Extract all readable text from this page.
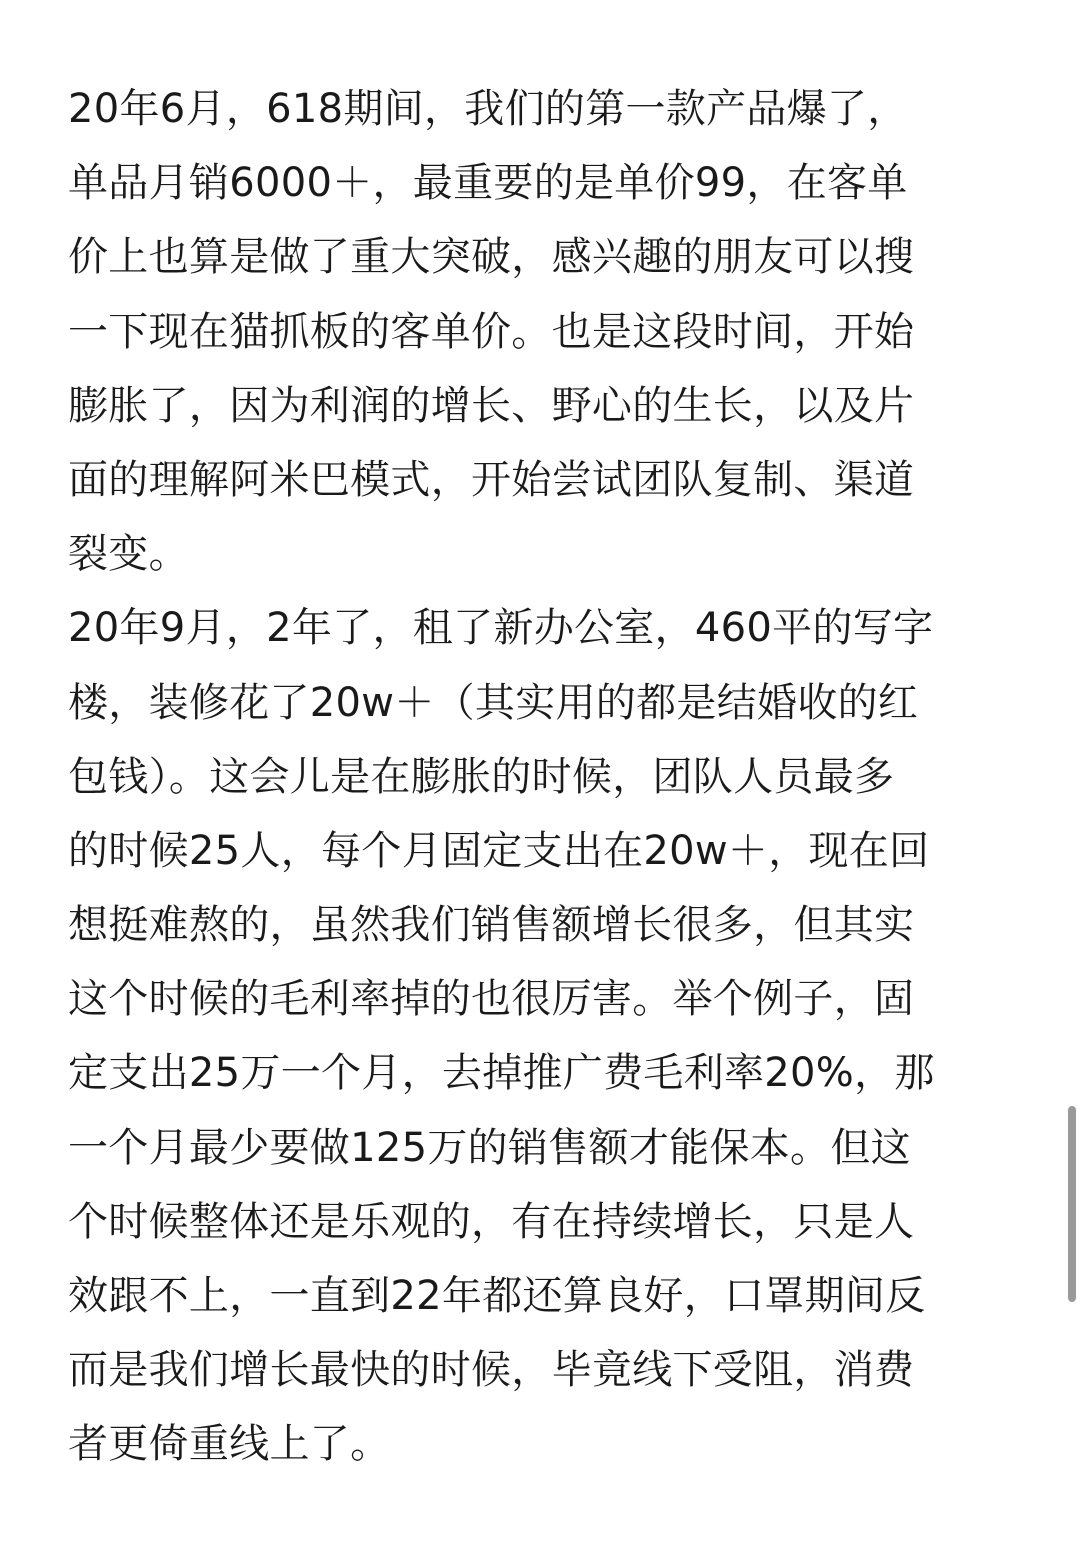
20年6月，618期间，我们的第一款产品爆了，
单品月销6000＋，最重要的是单价99，在客单
价上也算是做了重大突破，感兴趣的朋友可以搜
一下现在猫抓板的客单价。也是这段时间，开始
膨胀了，因为利润的增长、野心的生长，以及片
面的理解阿米巴模式，开始尝试团队复制、渠道
裂变。
20年9月，2年了，租了新办公室，460平的写字
楼，装修花了20w＋（其实用的都是结婚收的红
包钱）。这会儿是在膨胀的时候，团队人员最多
的时候25人，每个月固定支出在20w＋，现在回
想挺难熬的，虽然我们销售额增长很多，但其实
这个时候的毛利率掉的也很厉害。举个例子，固
定支出25万一个月，去掉推广费毛利率20%，那
一个月最少要做125万的销售额才能保本。但这
个时候整体还是乐观的，有在持续增长，只是人
效跟不上，一直到22年都还算良好，口罩期间反
而是我们增长最快的时候，毕竟线下受阻，消费
者更倚重线上了。
